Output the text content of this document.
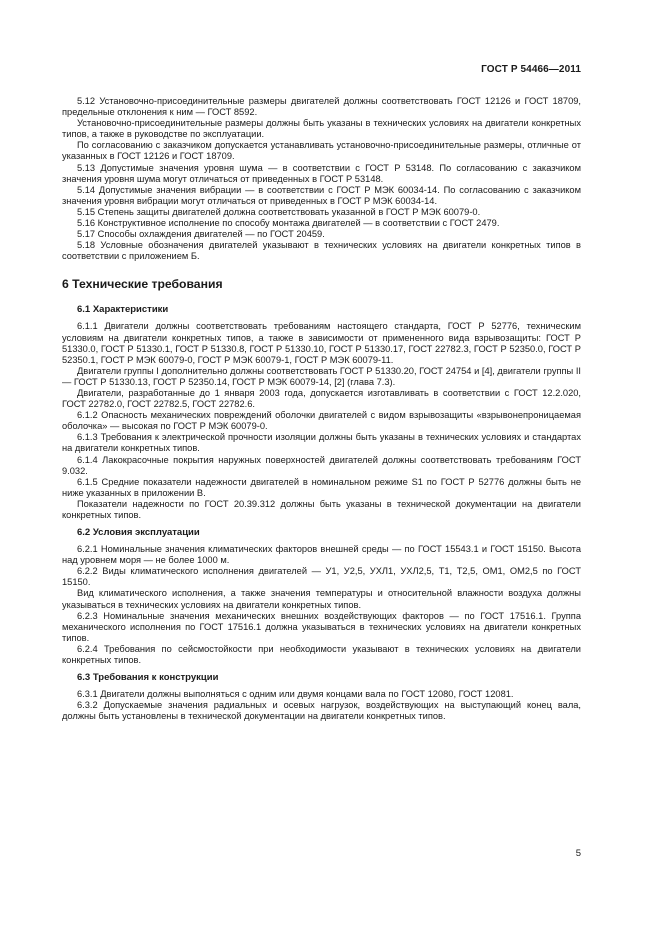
ГОСТ Р 54466—2011

5.12 Установочно-присоединительные размеры двигателей должны соответствовать ГОСТ 12126 и ГОСТ 18709, предельные отклонения к ним — ГОСТ 8592.

Установочно-присоединительные размеры должны быть указаны в технических условиях на двигатели конкретных типов, а также в руководстве по эксплуатации.

По согласованию с заказчиком допускается устанавливать установочно-присоединительные размеры, отличные от указанных в ГОСТ 12126 и ГОСТ 18709.

5.13 Допустимые значения уровня шума — в соответствии с ГОСТ Р 53148. По согласованию с заказчиком значения уровня шума могут отличаться от приведенных в ГОСТ Р 53148.

5.14 Допустимые значения вибрации — в соответствии с ГОСТ Р МЭК 60034-14. По согласованию с заказчиком значения уровня вибрации могут отличаться от приведенных в ГОСТ Р МЭК 60034-14.

5.15 Степень защиты двигателей должна соответствовать указанной в ГОСТ Р МЭК 60079-0.

5.16 Конструктивное исполнение по способу монтажа двигателей — в соответствии с ГОСТ 2479.

5.17 Способы охлаждения двигателей — по ГОСТ 20459.

5.18 Условные обозначения двигателей указывают в технических условиях на двигатели конкретных типов в соответствии с приложением Б.

6 Технические требования
6.1 Характеристики

6.1.1 Двигатели должны соответствовать требованиям настоящего стандарта, ГОСТ Р 52776, техническим условиям на двигатели конкретных типов, а также в зависимости от примененного вида взрывозащиты: ГОСТ Р 51330.0, ГОСТ Р 51330.1, ГОСТ Р 51330.8, ГОСТ Р 51330.10, ГОСТ Р 51330.17, ГОСТ 22782.3, ГОСТ Р 52350.0, ГОСТ Р 52350.1, ГОСТ Р МЭК 60079-0, ГОСТ Р МЭК 60079-1, ГОСТ Р МЭК 60079-11.

Двигатели группы I дополнительно должны соответствовать ГОСТ Р 51330.20, ГОСТ 24754 и [4], двигатели группы II — ГОСТ Р 51330.13, ГОСТ Р 52350.14, ГОСТ Р МЭК 60079-14, [2] (глава 7.3).

Двигатели, разработанные до 1 января 2003 года, допускается изготавливать в соответствии с ГОСТ 12.2.020, ГОСТ 22782.0, ГОСТ 22782.5, ГОСТ 22782.6.

6.1.2 Опасность механических повреждений оболочки двигателей с видом взрывозащиты «взрывонепроницаемая оболочка» — высокая по ГОСТ Р МЭК 60079-0.

6.1.3 Требования к электрической прочности изоляции должны быть указаны в технических условиях и стандартах на двигатели конкретных типов.

6.1.4 Лакокрасочные покрытия наружных поверхностей двигателей должны соответствовать требованиям ГОСТ 9.032.

6.1.5 Средние показатели надежности двигателей в номинальном режиме S1 по ГОСТ Р 52776 должны быть не ниже указанных в приложении В.

Показатели надежности по ГОСТ 20.39.312 должны быть указаны в технической документации на двигатели конкретных типов.

6.2 Условия эксплуатации

6.2.1 Номинальные значения климатических факторов внешней среды — по ГОСТ 15543.1 и ГОСТ 15150. Высота над уровнем моря — не более 1000 м.

6.2.2 Виды климатического исполнения двигателей — У1, У2,5, УХЛ1, УХЛ2,5, Т1, Т2,5, ОМ1, ОМ2,5 по ГОСТ 15150.

Вид климатического исполнения, а также значения температуры и относительной влажности воздуха должны указываться в технических условиях на двигатели конкретных типов.

6.2.3 Номинальные значения механических внешних воздействующих факторов — по ГОСТ 17516.1. Группа механического исполнения по ГОСТ 17516.1 должна указываться в технических условиях на двигатели конкретных типов.

6.2.4 Требования по сейсмостойкости при необходимости указывают в технических условиях на двигатели конкретных типов.

6.3 Требования к конструкции

6.3.1 Двигатели должны выполняться с одним или двумя концами вала по ГОСТ 12080, ГОСТ 12081.

6.3.2 Допускаемые значения радиальных и осевых нагрузок, воздействующих на выступающий конец вала, должны быть установлены в технической документации на двигатели конкретных типов.

5
